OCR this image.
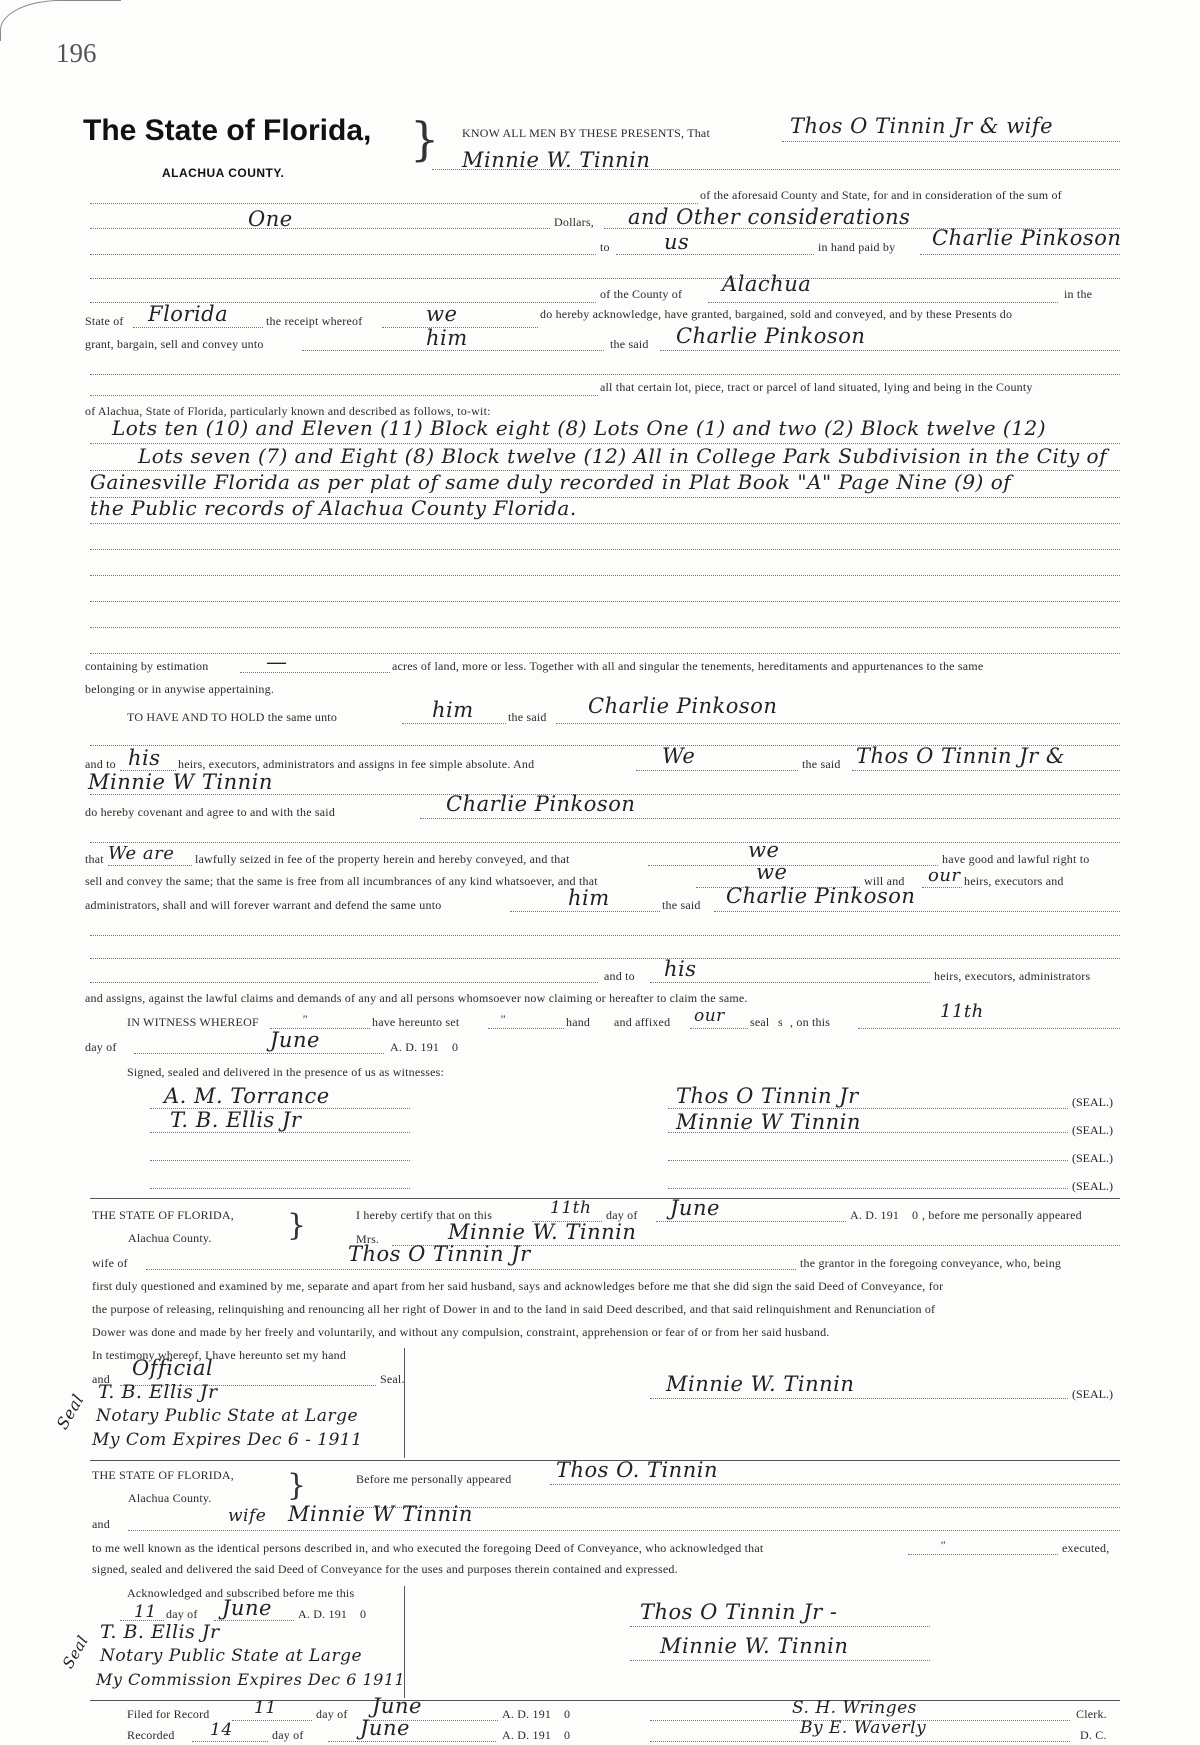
196
The State of Florida,
ALACHUA COUNTY.
} KNOW ALL MEN BY THESE PRESENTS, That	Thos O Tinnin Jr & wife
Minnie W. Tinnin
of the aforesaid County and State, for and in consideration of the sum of
One	Dollars, and Other considerations
to	us	in hand paid by Charlie Pinkoson
of the County of Alachua	in the
State of Florida	the receipt whereof	we	do hereby acknowledge, have granted, bargained, sold and conveyed, and by these Presents do
grant, bargain, sell and convey unto	him	the said Charlie Pinkoson
all that certain lot, piece, tract or parcel of land situated, lying and being in the County
of Alachua, State of Florida, particularly known and described as follows, to-wit:
Lots ten (10) and Eleven (11) Block eight (8) Lots One (1) and two (2) Block twelve (12)
Lots seven (7) and Eight (8) Block twelve (12) All in College Park Subdivision in the City of
Gainesville Florida as per plat of same duly recorded in Plat Book "A" Page Nine (9) of
the Public records of Alachua County Florida.
containing by estimation	—	acres of land, more or less. Together with all and singular the tenements, hereditaments and appurtenances to the same
belonging or in anywise appertaining.
TO HAVE AND TO HOLD the same unto	him	the said Charlie Pinkoson
and to his heirs, executors, administrators and assigns in fee simple absolute. And	We	the said Thos O Tinnin Jr &
Minnie W Tinnin
do hereby covenant and agree to and with the said	Charlie Pinkoson
that We are lawfully seized in fee of the property herein and hereby conveyed, and that	we	have good and lawful right to
sell and convey the same; that the same is free from all incumbrances of any kind whatsoever, and that	we	will and our heirs, executors and
administrators, shall and will forever warrant and defend the same unto	him	the said Charlie Pinkoson
and to his	heirs, executors, administrators
and assigns, against the lawful claims and demands of any and all persons whomsoever now claiming or hereafter to claim the same.
IN WITNESS WHEREOF	"	have hereunto set	"	hand and affixed our seal s , on this	11th
day of	June	A. D. 191 0
Signed, sealed and delivered in the presence of us as witnesses:
A. M. Torrance
T. B. Ellis Jr
Thos O Tinnin Jr	(SEAL.)
Minnie W Tinnin	(SEAL.)
(SEAL.)
(SEAL.)
THE STATE OF FLORIDA,
Alachua County.	}	I hereby certify that on this	11th day of June	A. D. 191 0 , before me personally appeared
Mrs.	Minnie W. Tinnin
wife of	Thos O Tinnin Jr	the grantor in the foregoing conveyance, who, being
first duly questioned and examined by me, separate and apart from her said husband, says and acknowledges before me that she did sign the said Deed of Conveyance, for
the purpose of releasing, relinquishing and renouncing all her right of Dower in and to the land in said Deed described, and that said relinquishment and Renunciation of
Dower was done and made by her freely and voluntarily, and without any compulsion, constraint, apprehension or fear of or from her said husband.
In testimony whereof, I have hereunto set my hand
and Official	Seal.
T. B. Ellis Jr
Notary Public State at Large
My Com Expires Dec 6 - 1911
Seal
Minnie W. Tinnin	(SEAL.)
THE STATE OF FLORIDA,
Alachua County.	}	Before me personally appeared Thos O. Tinnin
and	wife Minnie W Tinnin
to me well known as the identical persons described in, and who executed the foregoing Deed of Conveyance, who acknowledged that	"	executed,
signed, sealed and delivered the said Deed of Conveyance for the uses and purposes therein contained and expressed.
Acknowledged and subscribed before me this
11 day of June A. D. 191 0
T. B. Ellis Jr
Notary Public State at Large
My Commission Expires Dec 6 1911
Seal
Thos O Tinnin Jr -
Minnie W. Tinnin
Filed for Record	11	day of June	A. D. 191 0	S. H. Wringes	Clerk.
Recorded 14	day of	June	A. D. 191 0	By E. Waverly	D. C.
